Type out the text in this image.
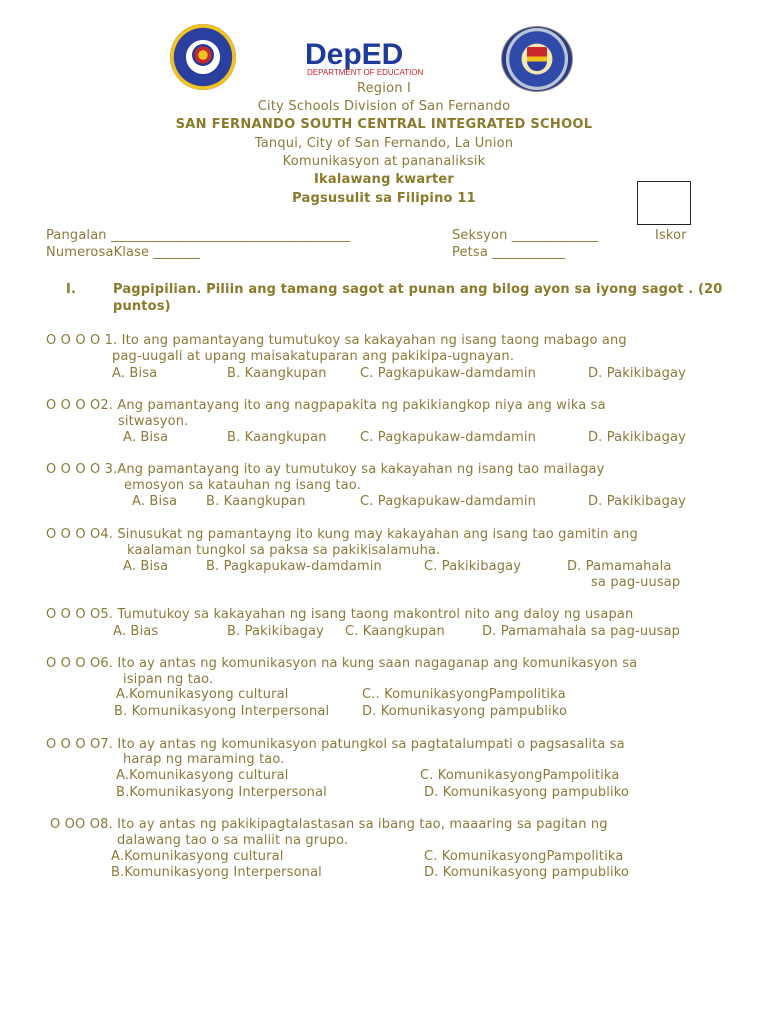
DepED
DEPARTMENT OF EDUCATION
Region I
City Schools Division of San Fernando
SAN FERNANDO SOUTH CENTRAL INTEGRATED SCHOOL
Tanqui, City of San Fernando, La Union
Komunikasyon at pananaliksik
Ikalawang kwarter
Pagsusulit sa Filipino 11
Pangalan ____________________________________	Seksyon _____________	Iskor
NumerosaKlase _______	Petsa ___________
I.	Pagpipilian. Piliin ang tamang sagot at punan ang bilog ayon sa iyong sagot . (20
puntos)
O O O O 1. Ito ang pamantayang tumutukoy sa kakayahan ng isang taong mabago ang
pag-uugali at upang maisakatuparan ang pakikipa-ugnayan.
A. Bisa	B. Kaangkupan	C. Pagkapukaw-damdamin	D. Pakikibagay
O O O O2. Ang pamantayang ito ang nagpapakita ng pakikiangkop niya ang wika sa
sitwasyon.
A. Bisa	B. Kaangkupan	C. Pagkapukaw-damdamin	D. Pakikibagay
O O O O 3.Ang pamantayang ito ay tumutukoy sa kakayahan ng isang tao mailagay
emosyon sa katauhan ng isang tao.
A. Bisa B. Kaangkupan	C. Pagkapukaw-damdamin	D. Pakikibagay
O O O O4. Sinusukat ng pamantayng ito kung may kakayahan ang isang tao gamitin ang
kaalaman tungkol sa paksa sa pakikisalamuha.
A. Bisa	B. Pagkapukaw-damdamin	C. Pakikibagay	D. Pamamahala
sa pag-uusap
O O O O5. Tumutukoy sa kakayahan ng isang taong makontrol nito ang daloy ng usapan
A. Bias	B. Pakikibagay C. Kaangkupan	D. Pamamahala sa pag-uusap
O O O O6. Ito ay antas ng komunikasyon na kung saan nagaganap ang komunikasyon sa
isipan ng tao.
A.Komunikasyong cultural	C.. KomunikasyongPampolitika
B. Komunikasyong Interpersonal	D. Komunikasyong pampubliko
O O O O7. Ito ay antas ng komunikasyon patungkol sa pagtatalumpati o pagsasalita sa
harap ng maraming tao.
A.Komunikasyong cultural	C. KomunikasyongPampolitika
B.Komunikasyong Interpersonal	D. Komunikasyong pampubliko
O OO O8. Ito ay antas ng pakikipagtalastasan sa ibang tao, maaaring sa pagitan ng
dalawang tao o sa maliit na grupo.
A.Komunikasyong cultural	C. KomunikasyongPampolitika
B.Komunikasyong Interpersonal	D. Komunikasyong pampubliko
